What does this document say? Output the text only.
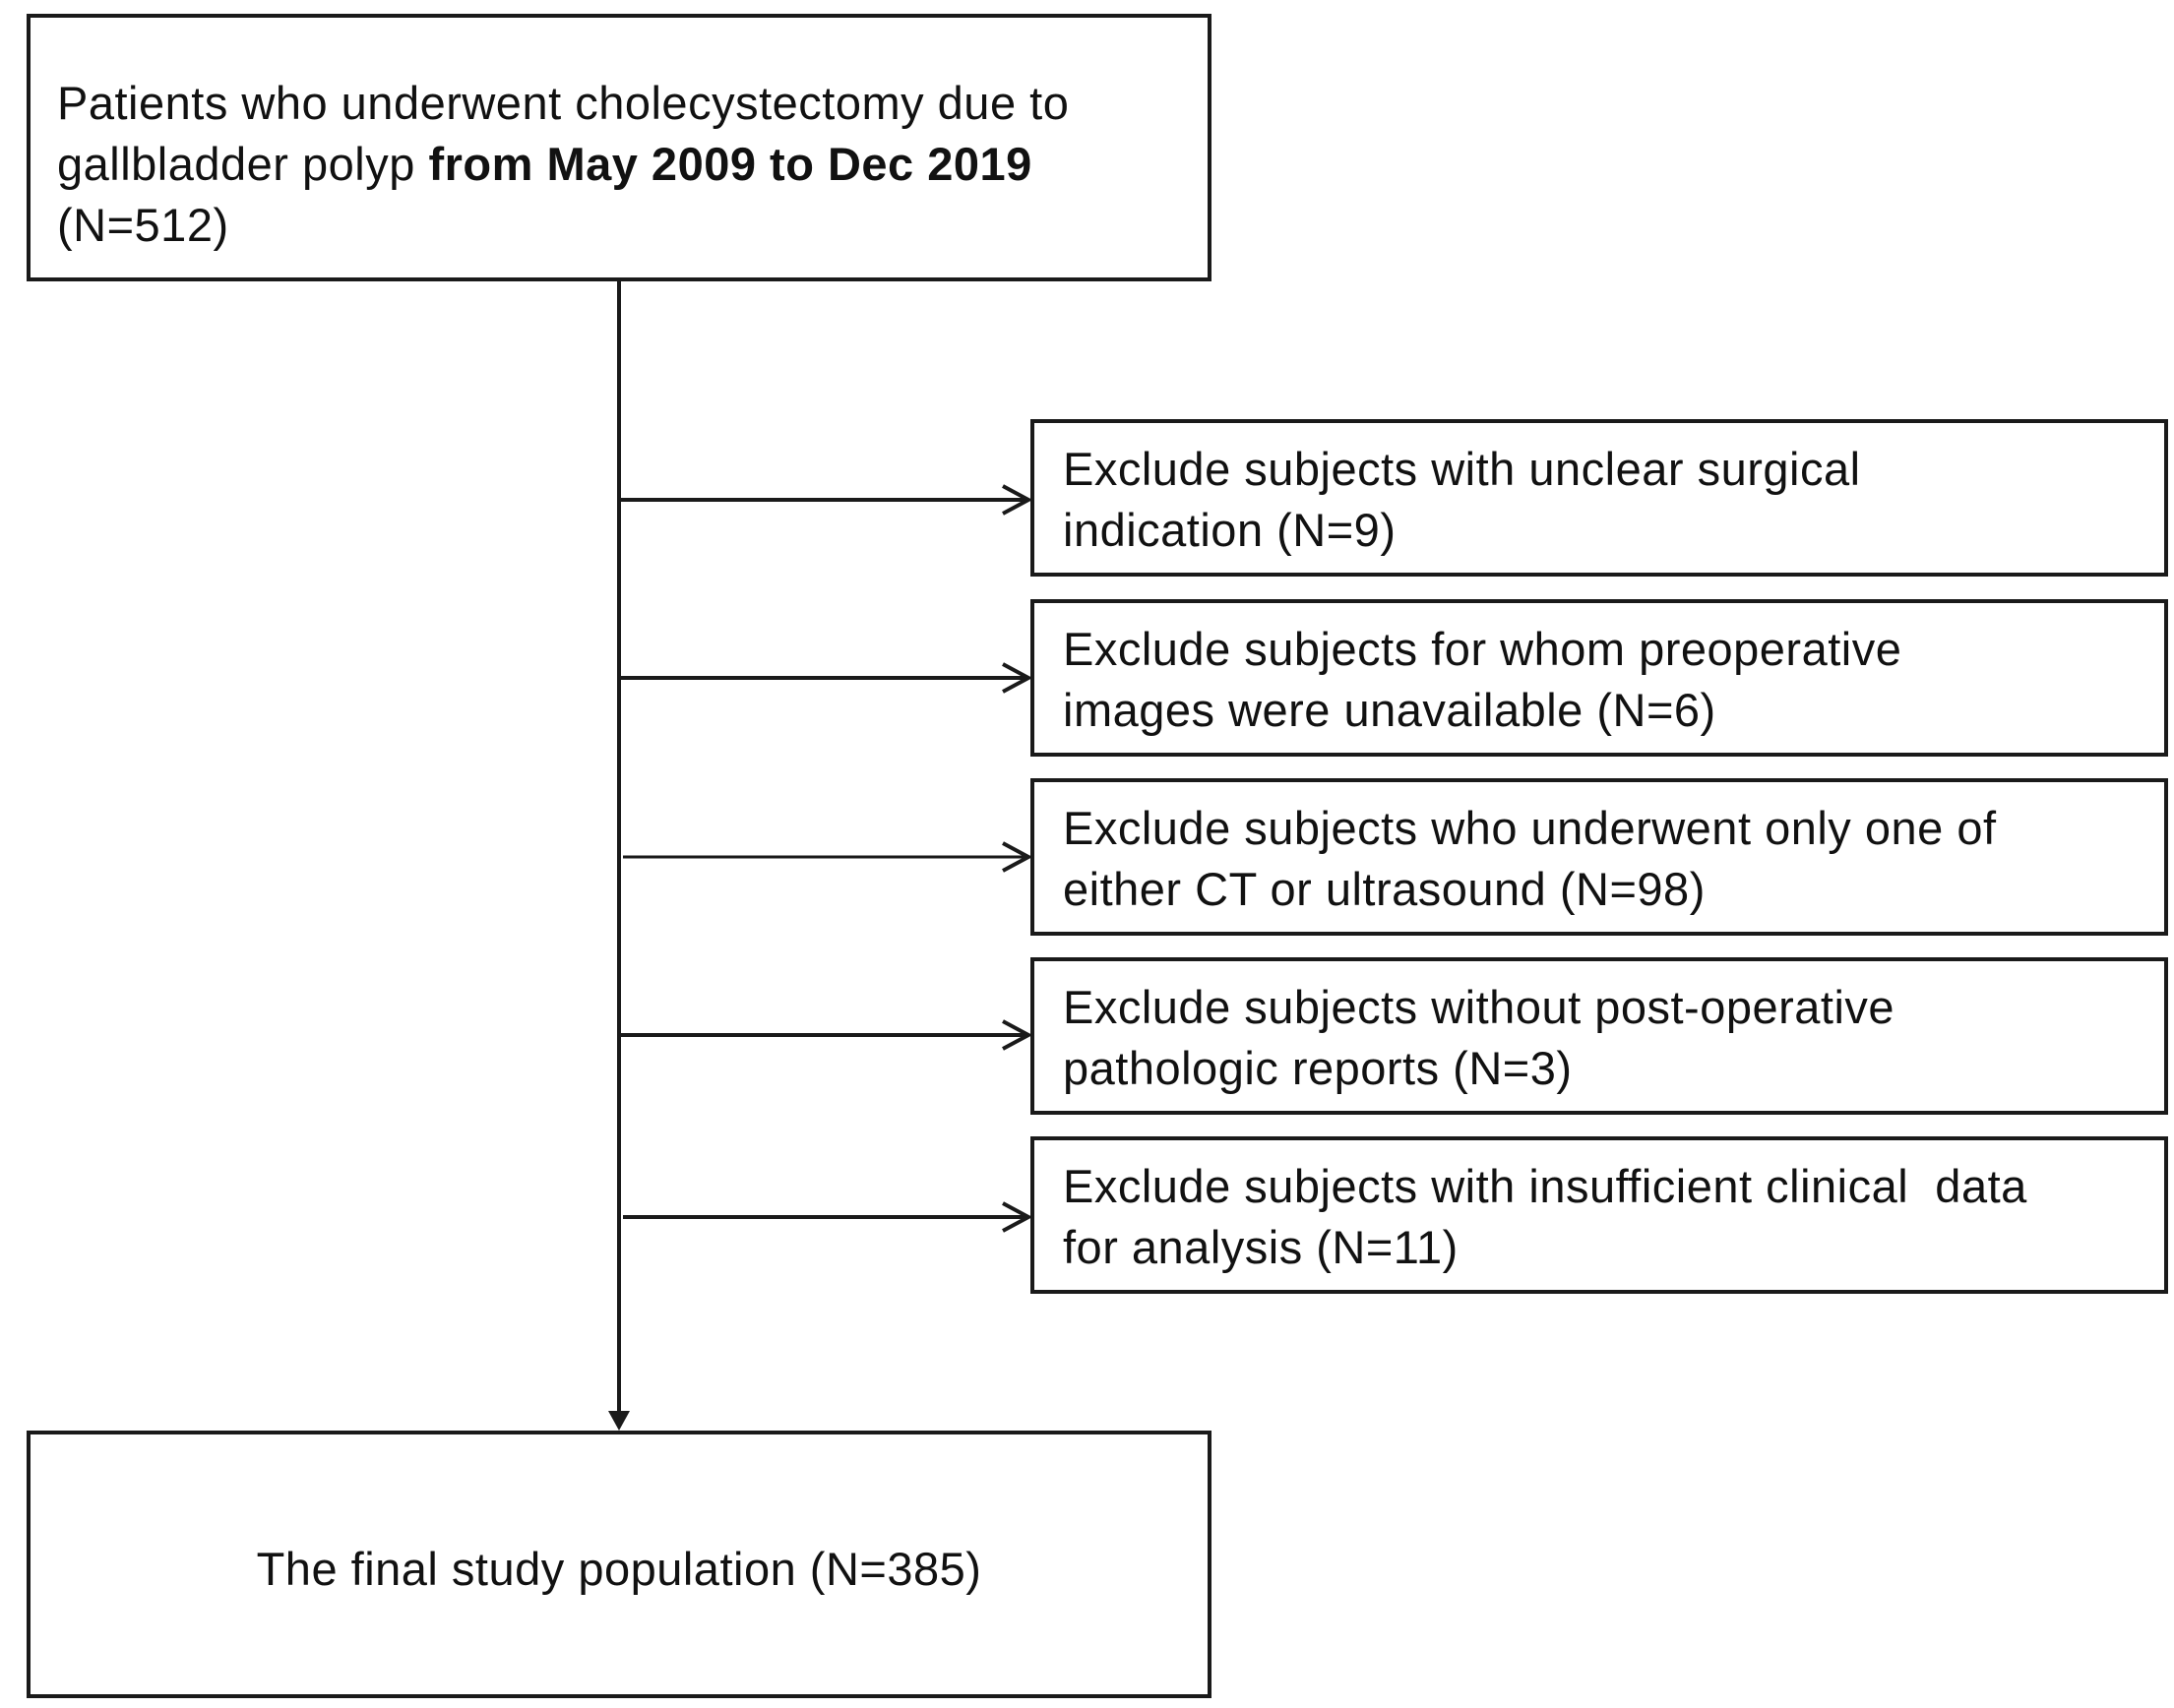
Patients who underwent cholecystectomy due to
gallbladder polyp from May 2009 to Dec 2019
(N=512)
Exclude subjects with unclear surgical
indication (N=9)
Exclude subjects for whom preoperative
images were unavailable (N=6)
Exclude subjects who underwent only one of
either CT or ultrasound (N=98)
Exclude subjects without post-operative
pathologic reports (N=3)
Exclude subjects with insufficient clinical  data
for analysis (N=11)
The final study population (N=385)
